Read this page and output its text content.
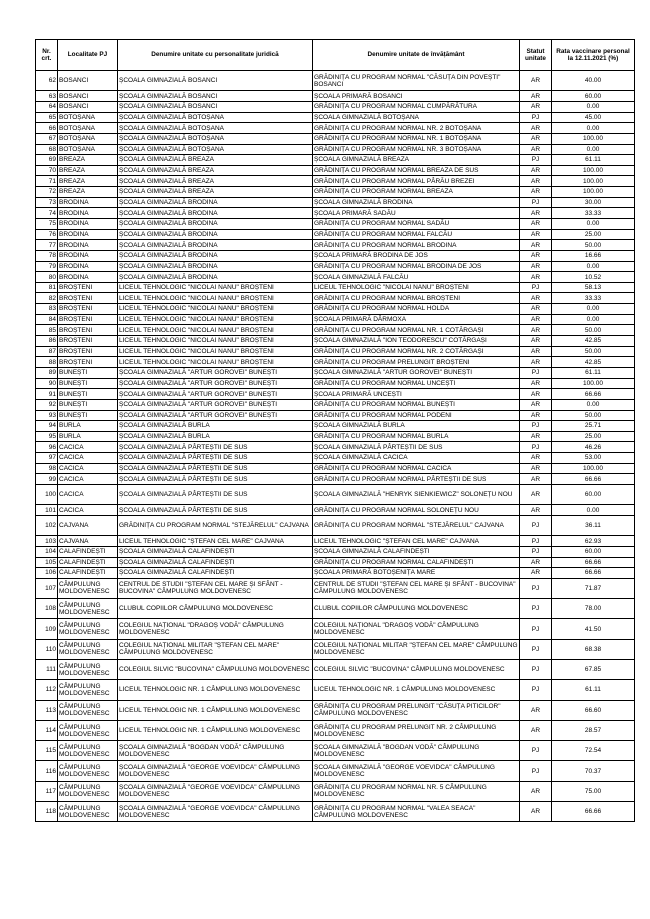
Nr. crt.	Localitate PJ	Denumire unitate cu personalitate juridică	Denumire unitate de învățământ	Statut unitate	Rata vaccinare personal la 12.11.2021 (%)
62	BOSANCI	ȘCOALA GIMNAZIALĂ BOSANCI	GRĂDINIȚA CU PROGRAM NORMAL "CĂSUȚA DIN POVEȘTI" BOSANCI	AR	40.00
63	BOSANCI	ȘCOALA GIMNAZIALĂ BOSANCI	ȘCOALA PRIMARĂ BOSANCI	AR	60.00
64	BOSANCI	ȘCOALA GIMNAZIALĂ BOSANCI	GRĂDINIȚA CU PROGRAM NORMAL CUMPĂRĂTURA	AR	0.00
65	BOTOȘANA	ȘCOALA GIMNAZIALĂ BOTOȘANA	ȘCOALA GIMNAZIALĂ BOTOȘANA	PJ	45.00
66	BOTOȘANA	ȘCOALA GIMNAZIALĂ BOTOȘANA	GRĂDINIȚA CU PROGRAM NORMAL NR. 2 BOTOȘANA	AR	0.00
67	BOTOȘANA	ȘCOALA GIMNAZIALĂ BOTOȘANA	GRĂDINIȚA CU PROGRAM NORMAL NR. 1 BOTOȘANA	AR	100.00
68	BOTOȘANA	ȘCOALA GIMNAZIALĂ BOTOȘANA	GRĂDINIȚA CU PROGRAM NORMAL NR. 3 BOTOȘANA	AR	0.00
69	BREAZA	ȘCOALA GIMNAZIALĂ BREAZA	ȘCOALA GIMNAZIALĂ BREAZA	PJ	61.11
70	BREAZA	ȘCOALA GIMNAZIALĂ BREAZA	GRĂDINIȚA CU PROGRAM NORMAL BREAZA DE SUS	AR	100.00
71	BREAZA	ȘCOALA GIMNAZIALĂ BREAZA	GRĂDINIȚA CU PROGRAM NORMAL PÂRĂU BREZEI	AR	100.00
72	BREAZA	ȘCOALA GIMNAZIALĂ BREAZA	GRĂDINIȚA CU PROGRAM NORMAL BREAZA	AR	100.00
73	BRODINA	ȘCOALA GIMNAZIALĂ BRODINA	ȘCOALA GIMNAZIALĂ BRODINA	PJ	30.00
74	BRODINA	ȘCOALA GIMNAZIALĂ BRODINA	ȘCOALA PRIMARĂ SADĂU	AR	33.33
75	BRODINA	ȘCOALA GIMNAZIALĂ BRODINA	GRĂDINIȚA CU PROGRAM NORMAL SADĂU	AR	0.00
76	BRODINA	ȘCOALA GIMNAZIALĂ BRODINA	GRĂDINIȚA CU PROGRAM NORMAL FALCĂU	AR	25.00
77	BRODINA	ȘCOALA GIMNAZIALĂ BRODINA	GRĂDINIȚA CU PROGRAM NORMAL BRODINA	AR	50.00
78	BRODINA	ȘCOALA GIMNAZIALĂ BRODINA	ȘCOALA PRIMARĂ BRODINA DE JOS	AR	16.66
79	BRODINA	ȘCOALA GIMNAZIALĂ BRODINA	GRĂDINIȚA CU PROGRAM NORMAL BRODINA DE JOS	AR	0.00
80	BRODINA	ȘCOALA GIMNAZIALĂ BRODINA	ȘCOALA GIMNAZIALĂ FALCĂU	AR	10.52
81	BROȘTENI	LICEUL TEHNOLOGIC "NICOLAI NANU" BROȘTENI	LICEUL TEHNOLOGIC "NICOLAI NANU" BROȘTENI	PJ	58.13
82	BROȘTENI	LICEUL TEHNOLOGIC "NICOLAI NANU" BROȘTENI	GRĂDINIȚA CU PROGRAM NORMAL BROȘTENI	AR	33.33
83	BROȘTENI	LICEUL TEHNOLOGIC "NICOLAI NANU" BROȘTENI	GRĂDINIȚA CU PROGRAM NORMAL HOLDA	AR	0.00
84	BROȘTENI	LICEUL TEHNOLOGIC "NICOLAI NANU" BROȘTENI	ȘCOALA PRIMARĂ DÂRMOXA	AR	0.00
85	BROȘTENI	LICEUL TEHNOLOGIC "NICOLAI NANU" BROȘTENI	GRĂDINIȚA CU PROGRAM NORMAL NR. 1 COTĂRGAȘI	AR	50.00
86	BROȘTENI	LICEUL TEHNOLOGIC "NICOLAI NANU" BROȘTENI	ȘCOALA GIMNAZIALĂ "ION TEODORESCU" COTĂRGAȘI	AR	42.85
87	BROȘTENI	LICEUL TEHNOLOGIC "NICOLAI NANU" BROȘTENI	GRĂDINIȚA CU PROGRAM NORMAL NR. 2 COTĂRGAȘI	AR	50.00
88	BROȘTENI	LICEUL TEHNOLOGIC "NICOLAI NANU" BROȘTENI	GRĂDINIȚA CU PROGRAM PRELUNGIT BROȘTENI	AR	42.85
89	BUNEȘTI	ȘCOALA GIMNAZIALĂ "ARTUR GOROVEI" BUNEȘTI	ȘCOALA GIMNAZIALĂ "ARTUR GOROVEI" BUNEȘTI	PJ	61.11
90	BUNEȘTI	ȘCOALA GIMNAZIALĂ "ARTUR GOROVEI" BUNEȘTI	GRĂDINIȚA CU PROGRAM NORMAL UNCEȘTI	AR	100.00
91	BUNEȘTI	ȘCOALA GIMNAZIALĂ "ARTUR GOROVEI" BUNEȘTI	ȘCOALA PRIMARĂ UNCEȘTI	AR	66.66
92	BUNEȘTI	ȘCOALA GIMNAZIALĂ "ARTUR GOROVEI" BUNEȘTI	GRĂDINIȚA CU PROGRAM NORMAL BUNEȘTI	AR	0.00
93	BUNEȘTI	ȘCOALA GIMNAZIALĂ "ARTUR GOROVEI" BUNEȘTI	GRĂDINIȚA CU PROGRAM NORMAL PODENI	AR	50.00
94	BURLA	ȘCOALA GIMNAZIALĂ BURLA	ȘCOALA GIMNAZIALĂ BURLA	PJ	25.71
95	BURLA	ȘCOALA GIMNAZIALĂ BURLA	GRĂDINIȚA CU PROGRAM NORMAL BURLA	AR	25.00
96	CACICA	ȘCOALA GIMNAZIALĂ PÂRTEȘTII DE SUS	ȘCOALA GIMNAZIALĂ PÂRTEȘTII DE SUS	PJ	46.26
97	CACICA	ȘCOALA GIMNAZIALĂ PÂRTEȘTII DE SUS	ȘCOALA GIMNAZIALĂ CACICA	AR	53.00
98	CACICA	ȘCOALA GIMNAZIALĂ PÂRTEȘTII DE SUS	GRĂDINIȚA CU PROGRAM NORMAL CACICA	AR	100.00
99	CACICA	ȘCOALA GIMNAZIALĂ PÂRTEȘTII DE SUS	GRĂDINIȚA CU PROGRAM NORMAL PÂRTEȘTII DE SUS	AR	66.66
100	CACICA	ȘCOALA GIMNAZIALĂ PÂRTEȘTII DE SUS	ȘCOALA GIMNAZIALĂ "HENRYK SIENKIEWICZ" SOLONEȚU NOU	AR	60.00
101	CACICA	ȘCOALA GIMNAZIALĂ PÂRTEȘTII DE SUS	GRĂDINIȚA CU PROGRAM NORMAL SOLONEȚU NOU	AR	0.00
102	CAJVANA	GRĂDINIȚA CU PROGRAM NORMAL "STEJĂRELUL" CAJVANA	GRĂDINIȚA CU PROGRAM NORMAL "STEJĂRELUL" CAJVANA	PJ	36.11
103	CAJVANA	LICEUL TEHNOLOGIC "ȘTEFAN CEL MARE" CAJVANA	LICEUL TEHNOLOGIC "ȘTEFAN CEL MARE" CAJVANA	PJ	62.93
104	CALAFINDEȘTI	ȘCOALA GIMNAZIALĂ CALAFINDEȘTI	ȘCOALA GIMNAZIALĂ CALAFINDEȘTI	PJ	60.00
105	CALAFINDEȘTI	ȘCOALA GIMNAZIALĂ CALAFINDEȘTI	GRĂDINIȚA CU PROGRAM NORMAL CALAFINDEȘTI	AR	66.66
106	CALAFINDEȘTI	ȘCOALA GIMNAZIALĂ CALAFINDEȘTI	ȘCOALA PRIMARĂ BOTOȘENIȚA MARE	AR	66.66
107	CÂMPULUNG MOLDOVENESC	CENTRUL DE STUDII "ȘTEFAN CEL MARE ȘI SFÂNT - BUCOVINA" CÂMPULUNG MOLDOVENESC	CENTRUL DE STUDII "ȘTEFAN CEL MARE ȘI SFÂNT - BUCOVINA" CÂMPULUNG MOLDOVENESC	PJ	71.87
108	CÂMPULUNG MOLDOVENESC	CLUBUL COPIILOR CÂMPULUNG MOLDOVENESC	CLUBUL COPIILOR CÂMPULUNG MOLDOVENESC	PJ	78.00
109	CÂMPULUNG MOLDOVENESC	COLEGIUL NAȚIONAL "DRAGOȘ VODĂ" CÂMPULUNG MOLDOVENESC	COLEGIUL NAȚIONAL "DRAGOȘ VODĂ" CÂMPULUNG MOLDOVENESC	PJ	41.50
110	CÂMPULUNG MOLDOVENESC	COLEGIUL NAȚIONAL MILITAR "ȘTEFAN CEL MARE" CÂMPULUNG MOLDOVENESC	COLEGIUL NAȚIONAL MILITAR "ȘTEFAN CEL MARE" CÂMPULUNG MOLDOVENESC	PJ	68.38
111	CÂMPULUNG MOLDOVENESC	COLEGIUL SILVIC "BUCOVINA" CÂMPULUNG MOLDOVENESC	COLEGIUL SILVIC "BUCOVINA" CÂMPULUNG MOLDOVENESC	PJ	67.85
112	CÂMPULUNG MOLDOVENESC	LICEUL TEHNOLOGIC NR. 1 CÂMPULUNG MOLDOVENESC	LICEUL TEHNOLOGIC NR. 1 CÂMPULUNG MOLDOVENESC	PJ	61.11
113	CÂMPULUNG MOLDOVENESC	LICEUL TEHNOLOGIC NR. 1 CÂMPULUNG MOLDOVENESC	GRĂDINIȚA CU PROGRAM PRELUNGIT "CĂSUȚA PITICILOR" CÂMPULUNG MOLDOVENESC	AR	66.60
114	CÂMPULUNG MOLDOVENESC	LICEUL TEHNOLOGIC NR. 1 CÂMPULUNG MOLDOVENESC	GRĂDINIȚA CU PROGRAM PRELUNGIT NR. 2 CÂMPULUNG MOLDOVENESC	AR	28.57
115	CÂMPULUNG MOLDOVENESC	ȘCOALA GIMNAZIALĂ "BOGDAN VODĂ" CÂMPULUNG MOLDOVENESC	ȘCOALA GIMNAZIALĂ "BOGDAN VODĂ" CÂMPULUNG MOLDOVENESC	PJ	72.54
116	CÂMPULUNG MOLDOVENESC	ȘCOALA GIMNAZIALĂ "GEORGE VOEVIDCA" CÂMPULUNG MOLDOVENESC	ȘCOALA GIMNAZIALĂ "GEORGE VOEVIDCA" CÂMPULUNG MOLDOVENESC	PJ	70.37
117	CÂMPULUNG MOLDOVENESC	ȘCOALA GIMNAZIALĂ "GEORGE VOEVIDCA" CÂMPULUNG MOLDOVENESC	GRĂDINIȚA CU PROGRAM NORMAL NR. 5 CÂMPULUNG MOLDOVENESC	AR	75.00
118	CÂMPULUNG MOLDOVENESC	ȘCOALA GIMNAZIALĂ "GEORGE VOEVIDCA" CÂMPULUNG MOLDOVENESC	GRĂDINIȚA CU PROGRAM NORMAL "VALEA SEACA" CÂMPULUNG MOLDOVENESC	AR	66.66
